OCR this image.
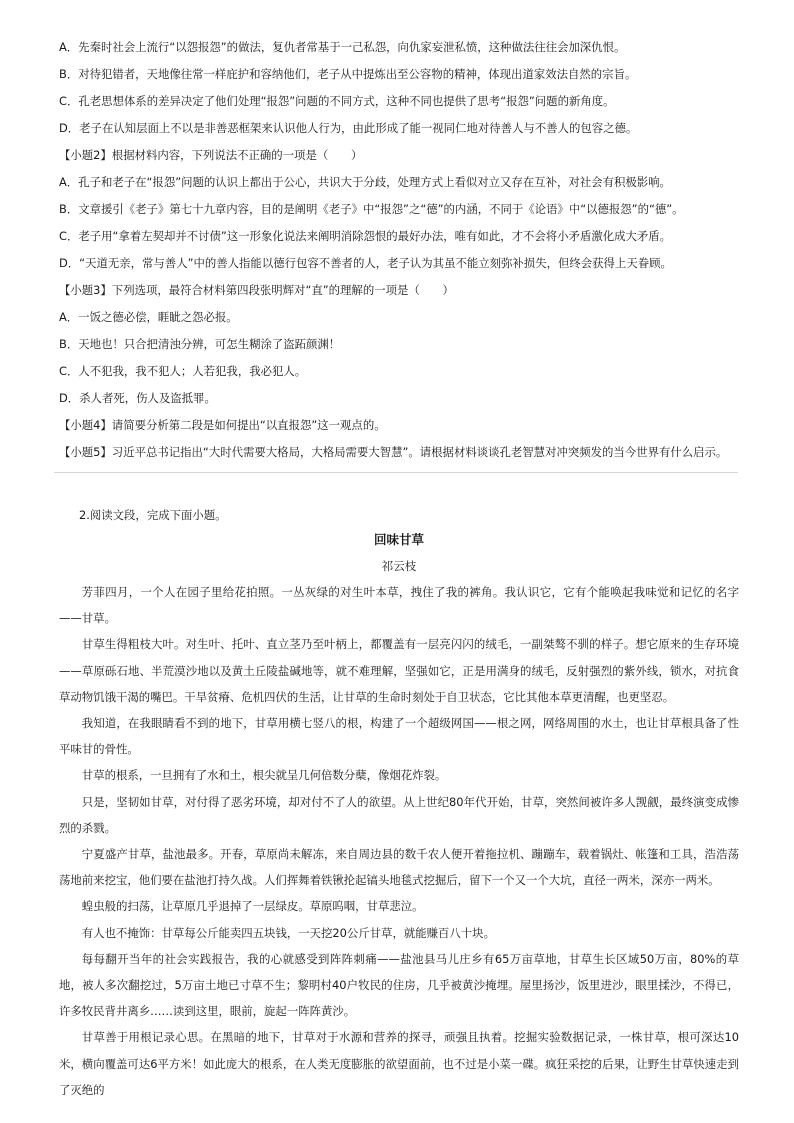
A．先秦时社会上流行“以怨报怨”的做法，复仇者常基于一己私怨，向仇家妄泄私愤，这种做法往往会加深仇恨。
B．对待犯错者，天地像往常一样庇护和容纳他们，老子从中提炼出至公容物的精神，体现出道家效法自然的宗旨。
C．孔老思想体系的差异决定了他们处理“报怨”问题的不同方式，这种不同也提供了思考“报怨”问题的新角度。
D．老子在认知层面上不以是非善恶框架来认识他人行为，由此形成了能一视同仁地对待善人与不善人的包容之德。
【小题2】根据材料内容，下列说法不正确的一项是（　　）
A．孔子和老子在“报怨”问题的认识上都出于公心，共识大于分歧，处理方式上看似对立又存在互补，对社会有积极影响。
B．文章援引《老子》第七十九章内容，目的是阐明《老子》中“报怨”之“德”的内涵，不同于《论语》中“以德报怨”的“德”。
C．老子用“拿着左契却并不讨债”这一形象化说法来阐明消除怨恨的最好办法，唯有如此，才不会将小矛盾激化成大矛盾。
D．“天道无亲，常与善人”中的善人指能以德行包容不善者的人，老子认为其虽不能立刻弥补损失，但终会获得上天眷顾。
【小题3】下列选项，最符合材料第四段张明辉对“直”的理解的一项是（　　）
A．一饭之德必偿，睚眦之怨必报。
B．天地也！只合把清浊分辨，可怎生糊涂了盗跖颜渊！
C．人不犯我，我不犯人；人若犯我，我必犯人。
D．杀人者死，伤人及盗抵罪。
【小题4】请简要分析第二段是如何提出“以直报怨”这一观点的。
【小题5】习近平总书记指出“大时代需要大格局，大格局需要大智慧”。请根据材料谈谈孔老智慧对冲突频发的当今世界有什么启示。
2.阅读文段，完成下面小题。
回味甘草
祁云枝

芳菲四月，一个人在园子里给花拍照。一丛灰绿的对生叶本草，拽住了我的裤角。我认识它，它有个能唤起我味觉和记忆的名字——甘草。

甘草生得粗枝大叶。对生叶、托叶、直立茎乃至叶柄上，都覆盖有一层亮闪闪的绒毛，一副桀骜不驯的样子。想它原来的生存环境——草原砾石地、半荒漠沙地以及黄土丘陵盐碱地等，就不难理解，坚强如它，正是用满身的绒毛，反射强烈的紫外线，锁水，对抗食草动物饥饿干渴的嘴巴。干旱贫瘠、危机四伏的生活，让甘草的生命时刻处于自卫状态，它比其他本草更清醒，也更坚忍。

我知道，在我眼睛看不到的地下，甘草用横七竖八的根，构建了一个超级网国——根之网，网络周围的水土，也让甘草根具备了性平味甘的骨性。

甘草的根系，一旦拥有了水和土，根尖就呈几何倍数分蘖，像烟花炸裂。

只是，坚韧如甘草，对付得了恶劣环境，却对付不了人的欲望。从上世纪80年代开始，甘草，突然间被许多人觊觎，最终演变成惨烈的杀戮。

宁夏盛产甘草，盐池最多。开春，草原尚未解冻，来自周边县的数千农人便开着拖拉机、蹦蹦车，载着锅灶、帐篷和工具，浩浩荡荡地前来挖宝，他们要在盐池打持久战。人们挥舞着铁锹抡起镐头地毯式挖掘后，留下一个又一个大坑，直径一两米，深亦一两米。

蝗虫般的扫荡，让草原几乎退掉了一层绿皮。草原呜咽，甘草悲泣。

有人也不掩饰：甘草每公斤能卖四五块钱，一天挖20公斤甘草，就能赚百八十块。

每每翻开当年的社会实践报告，我的心就感受到阵阵刺痛——盐池县马儿庄乡有65万亩草地，甘草生长区域50万亩，80%的草地，被人多次翻挖过，5万亩土地已寸草不生；黎明村40户牧民的住房，几乎被黄沙掩埋。屋里扬沙，饭里进沙，眼里揉沙，不得已，许多牧民背井离乡……读到这里，眼前，旋起一阵阵黄沙。

甘草善于用根记录心思。在黑暗的地下，甘草对于水源和营养的探寻，顽强且执着。挖掘实验数据记录，一株甘草，根可深达10米，横向覆盖可达6平方米！如此庞大的根系，在人类无度膨胀的欲望面前，也不过是小菜一碟。疯狂采挖的后果，让野生甘草快速走到了灭绝的
